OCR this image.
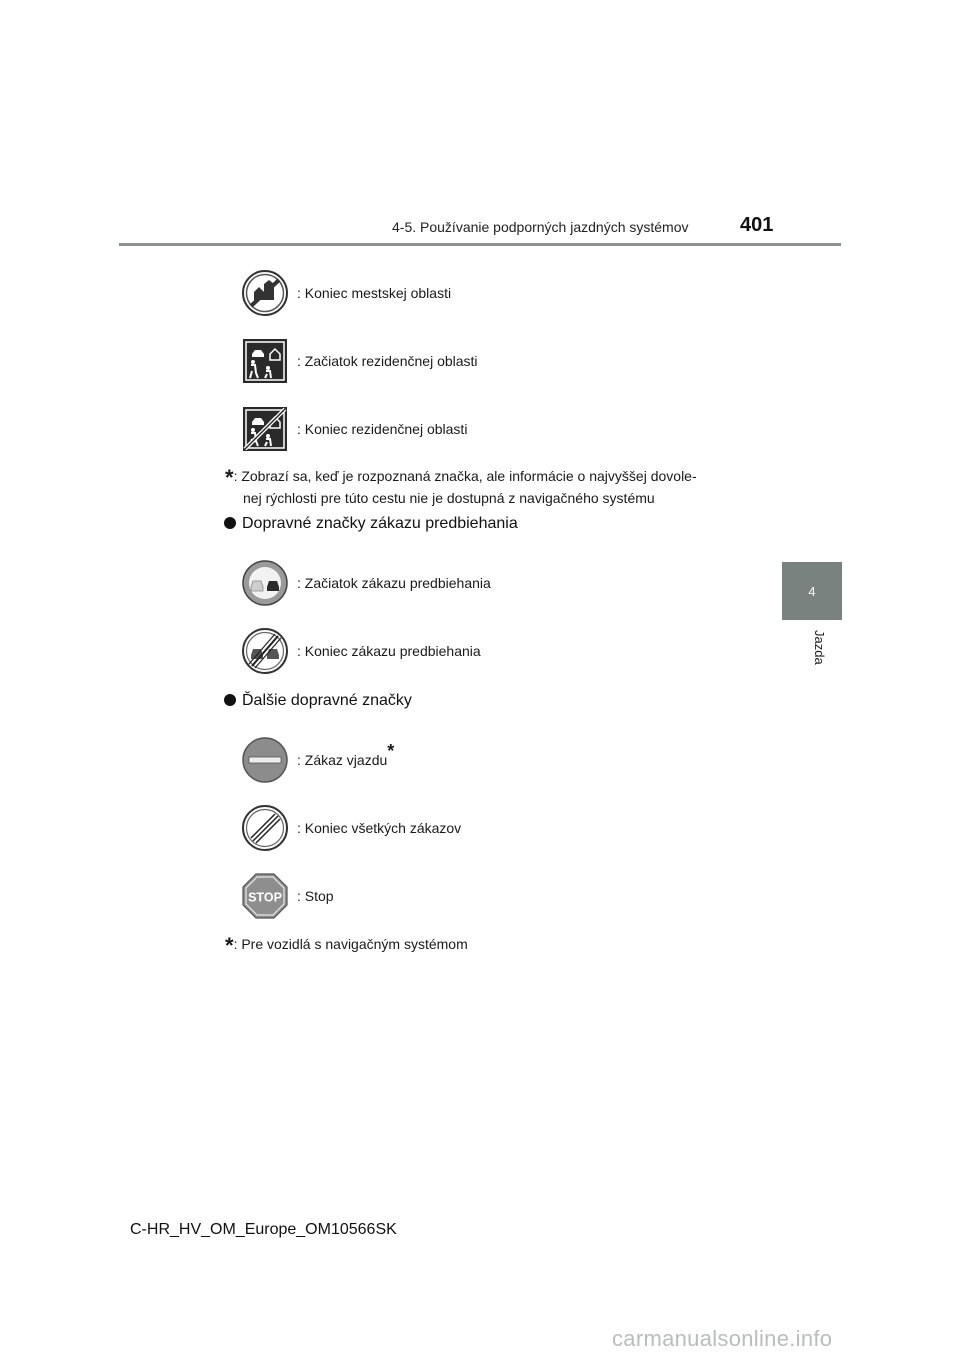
4-5. Používanie podporných jazdných systémov	401
4
Jazda
: Koniec mestskej oblasti
: Začiatok rezidenčnej oblasti
: Koniec rezidenčnej oblasti
*: Zobrazí sa, keď je rozpoznaná značka, ale informácie o najvyššej dovole-
nej rýchlosti pre túto cestu nie je dostupná z navigačného systému
Dopravné značky zákazu predbiehania
: Začiatok zákazu predbiehania
: Koniec zákazu predbiehania
Ďalšie dopravné značky
: Zákaz vjazdu*
: Koniec všetkých zákazov
STOP : Stop
*: Pre vozidlá s navigačným systémom
C-HR_HV_OM_Europe_OM10566SK
carmanualsonline.info
